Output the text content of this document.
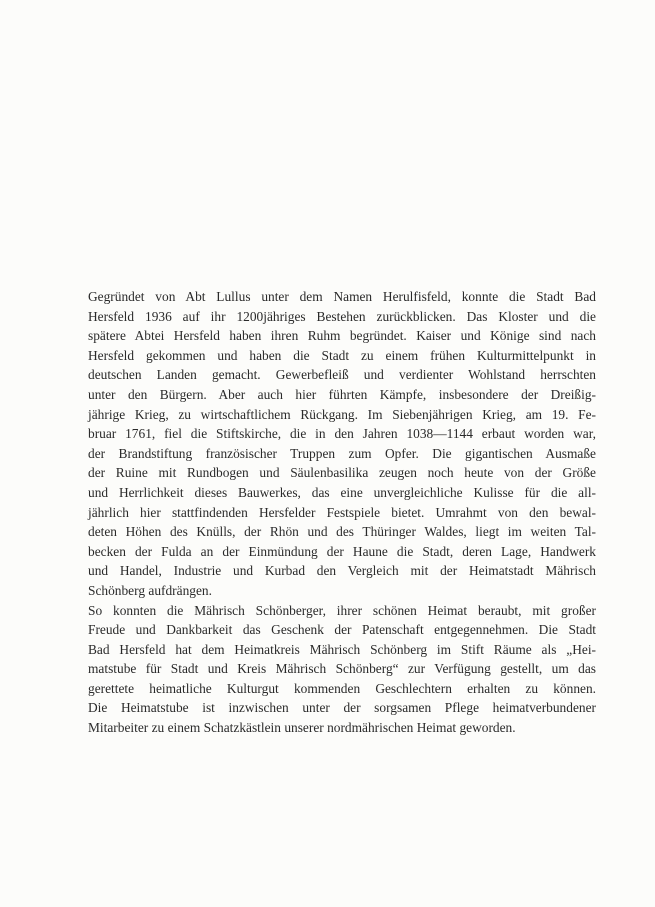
Gegründet von Abt Lullus unter dem Namen Herulfisfeld, konnte die Stadt Bad
Hersfeld 1936 auf ihr 1200jähriges Bestehen zurückblicken. Das Kloster und die
spätere Abtei Hersfeld haben ihren Ruhm begründet. Kaiser und Könige sind nach
Hersfeld gekommen und haben die Stadt zu einem frühen Kulturmittelpunkt in
deutschen Landen gemacht. Gewerbefleiß und verdienter Wohlstand herrschten
unter den Bürgern. Aber auch hier führten Kämpfe, insbesondere der Dreißig-
jährige Krieg, zu wirtschaftlichem Rückgang. Im Siebenjährigen Krieg, am 19. Fe-
bruar 1761, fiel die Stiftskirche, die in den Jahren 1038—1144 erbaut worden war,
der Brandstiftung französischer Truppen zum Opfer. Die gigantischen Ausmaße
der Ruine mit Rundbogen und Säulenbasilika zeugen noch heute von der Größe
und Herrlichkeit dieses Bauwerkes, das eine unvergleichliche Kulisse für die all-
jährlich hier stattfindenden Hersfelder Festspiele bietet. Umrahmt von den bewal-
deten Höhen des Knülls, der Rhön und des Thüringer Waldes, liegt im weiten Tal-
becken der Fulda an der Einmündung der Haune die Stadt, deren Lage, Handwerk
und Handel, Industrie und Kurbad den Vergleich mit der Heimatstadt Mährisch
Schönberg aufdrängen.

So konnten die Mährisch Schönberger, ihrer schönen Heimat beraubt, mit großer
Freude und Dankbarkeit das Geschenk der Patenschaft entgegennehmen. Die Stadt
Bad Hersfeld hat dem Heimatkreis Mährisch Schönberg im Stift Räume als „Hei-
matstube für Stadt und Kreis Mährisch Schönberg“ zur Verfügung gestellt, um das
gerettete heimatliche Kulturgut kommenden Geschlechtern erhalten zu können.
Die Heimatstube ist inzwischen unter der sorgsamen Pflege heimatverbundener
Mitarbeiter zu einem Schatzkästlein unserer nordmährischen Heimat geworden.
